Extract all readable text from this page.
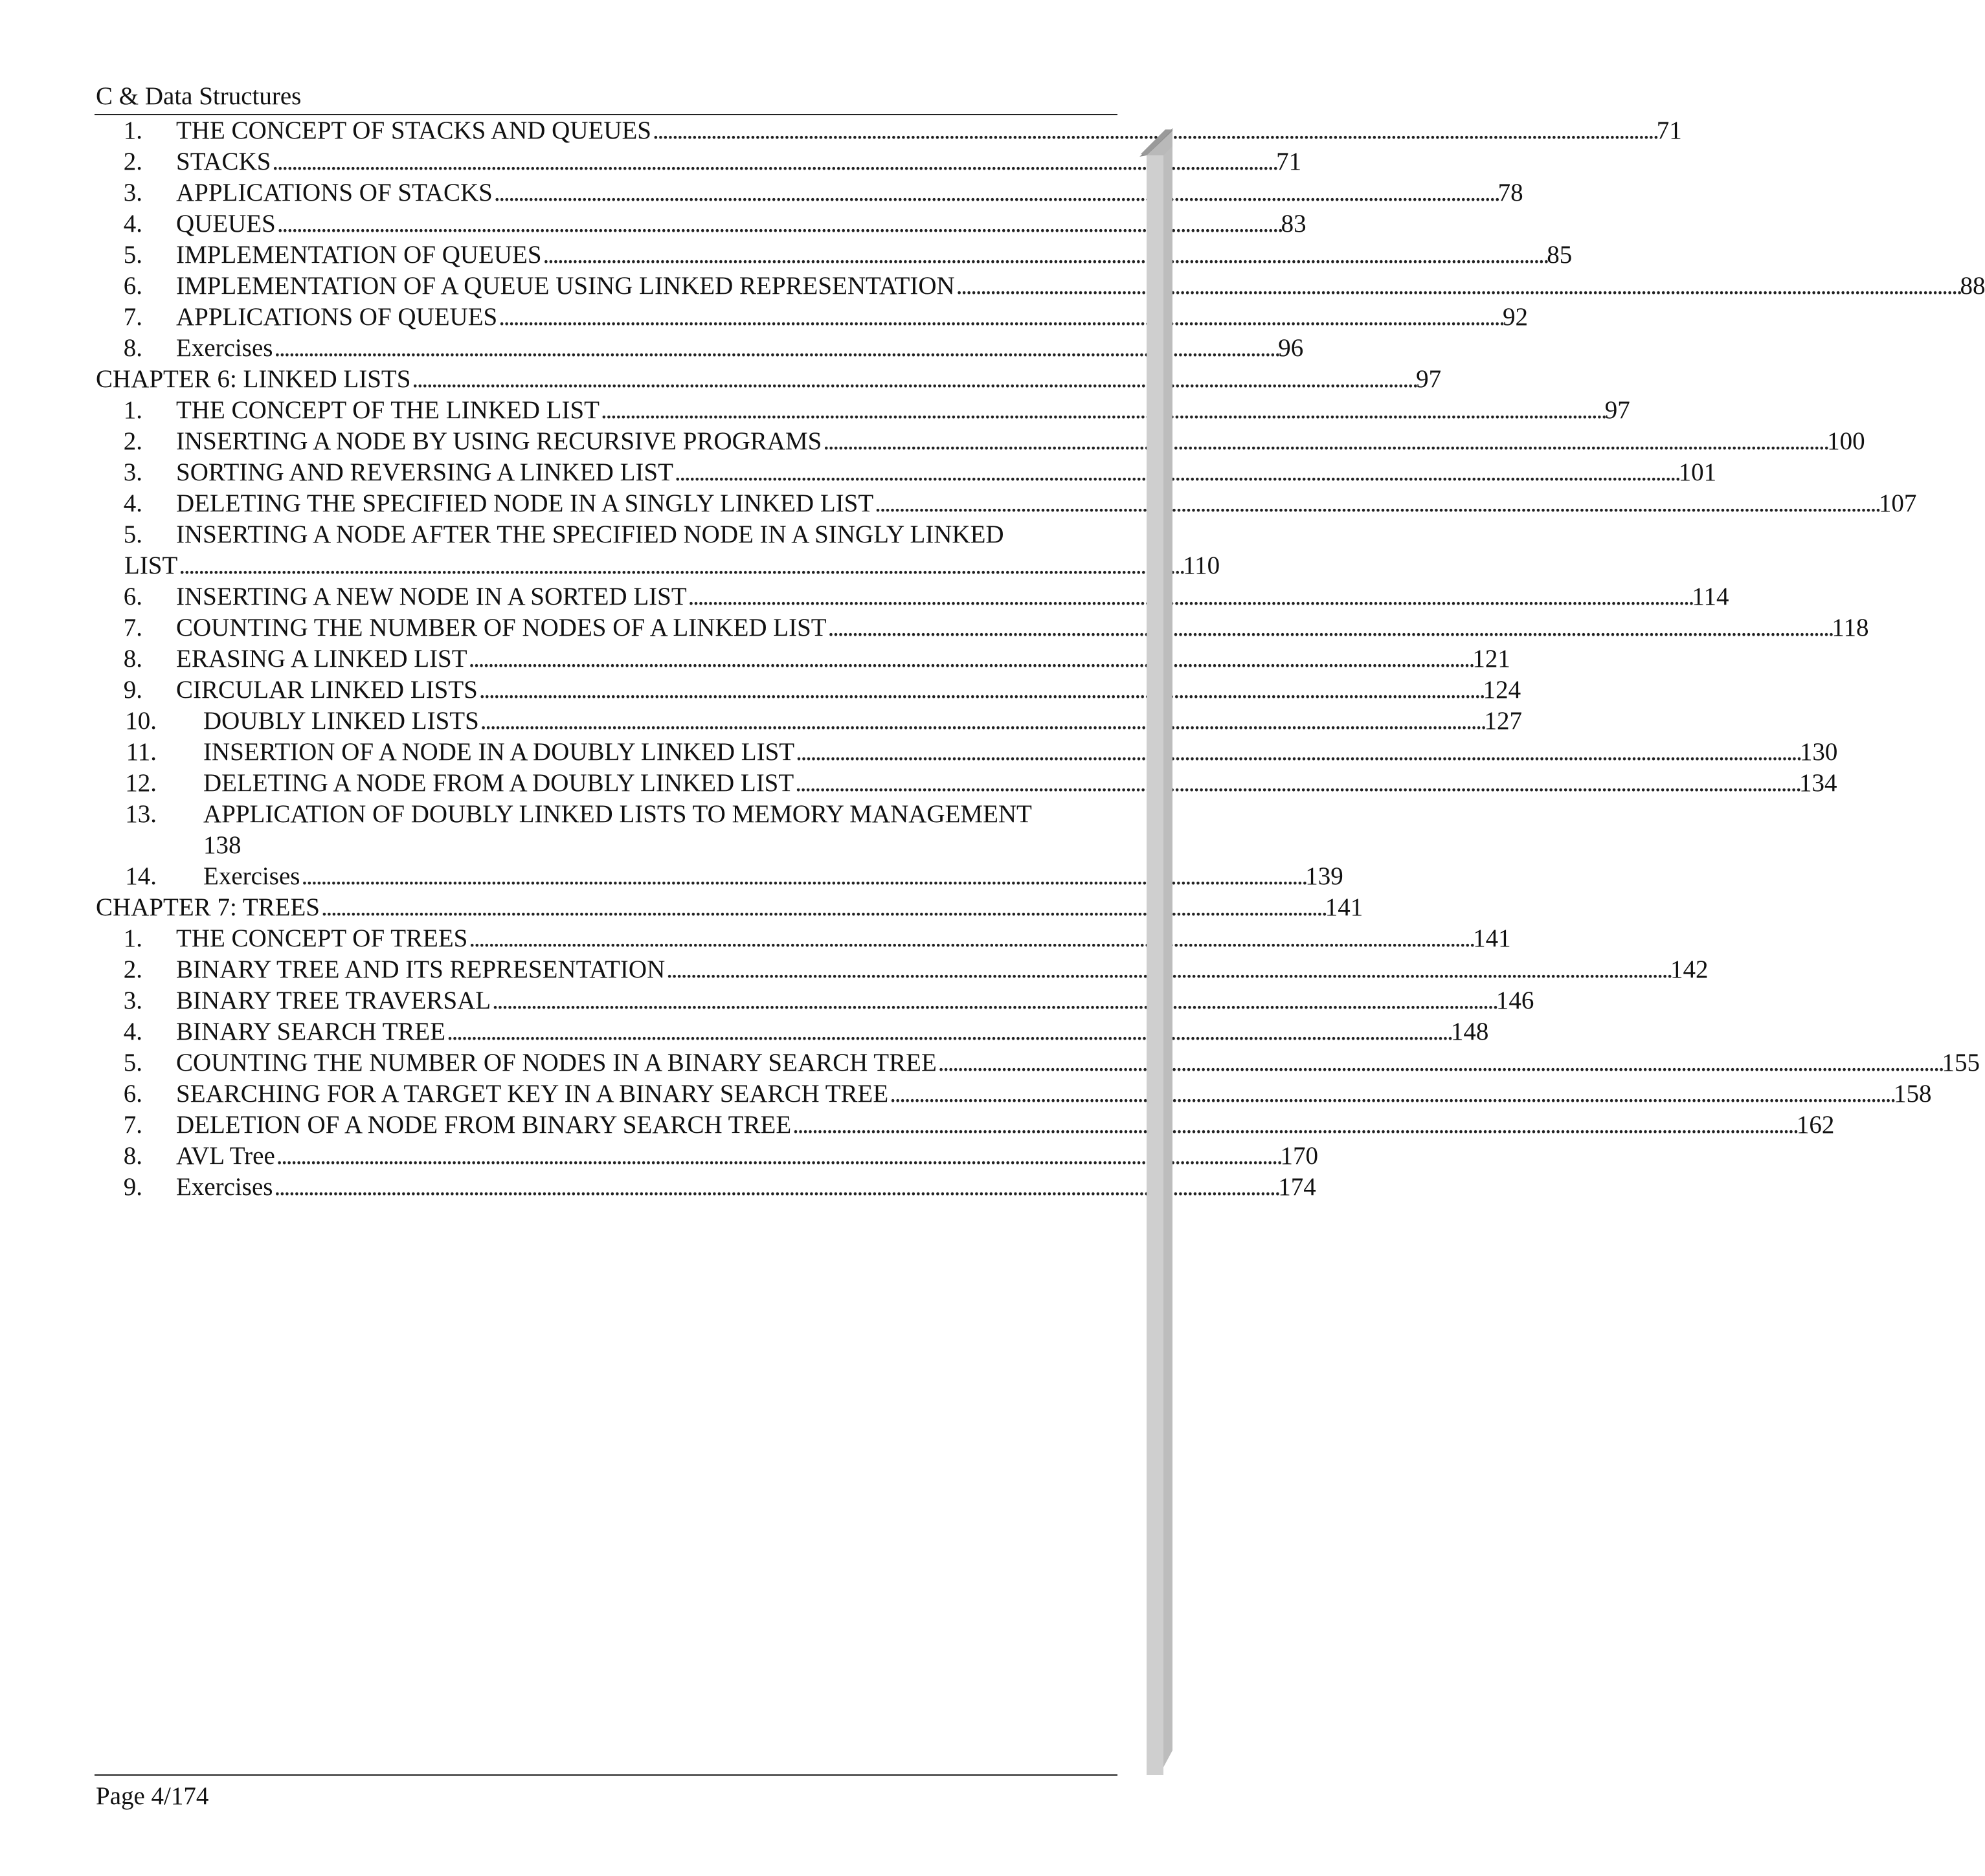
C & Data Structures
1. THE CONCEPT OF STACKS AND QUEUES . . .	71
2. STACKS . . .	71
3. APPLICATIONS OF STACKS . . .	78
4. QUEUES . . .	83
5. IMPLEMENTATION OF QUEUES . . .	85
6. IMPLEMENTATION OF A QUEUE USING LINKED REPRESENTATION . . .	88
7. APPLICATIONS OF QUEUES . . .	92
8. Exercises . . .	96
CHAPTER 6: LINKED LISTS . . .	97
1. THE CONCEPT OF THE LINKED LIST . . .	97
2. INSERTING A NODE BY USING RECURSIVE PROGRAMS . . .	100
3. SORTING AND REVERSING A LINKED LIST . . .	101
4. DELETING THE SPECIFIED NODE IN A SINGLY LINKED LIST . . .	107
5. INSERTING A NODE AFTER THE SPECIFIED NODE IN A SINGLY LINKED
LIST . . .	110
6. INSERTING A NEW NODE IN A SORTED LIST . . .	114
7. COUNTING THE NUMBER OF NODES OF A LINKED LIST . . .	118
8. ERASING A LINKED LIST . . .	121
9. CIRCULAR LINKED LISTS . . .	124
10. DOUBLY LINKED LISTS . . .	127
11. INSERTION OF A NODE IN A DOUBLY LINKED LIST . . .	130
12. DELETING A NODE FROM A DOUBLY LINKED LIST . . .	134
13. APPLICATION OF DOUBLY LINKED LISTS TO MEMORY MANAGEMENT
138
14. Exercises . . .	139
CHAPTER 7: TREES . . .	141
1. THE CONCEPT OF TREES . . .	141
2. BINARY TREE AND ITS REPRESENTATION . . .	142
3. BINARY TREE TRAVERSAL . . .	146
4. BINARY SEARCH TREE . . .	148
5. COUNTING THE NUMBER OF NODES IN A BINARY SEARCH TREE . . .	155
6. SEARCHING FOR A TARGET KEY IN A BINARY SEARCH TREE . . .	158
7. DELETION OF A NODE FROM BINARY SEARCH TREE . . .	162
8. AVL Tree . . .	170
9. Exercises . . .	174
Page 4/174
